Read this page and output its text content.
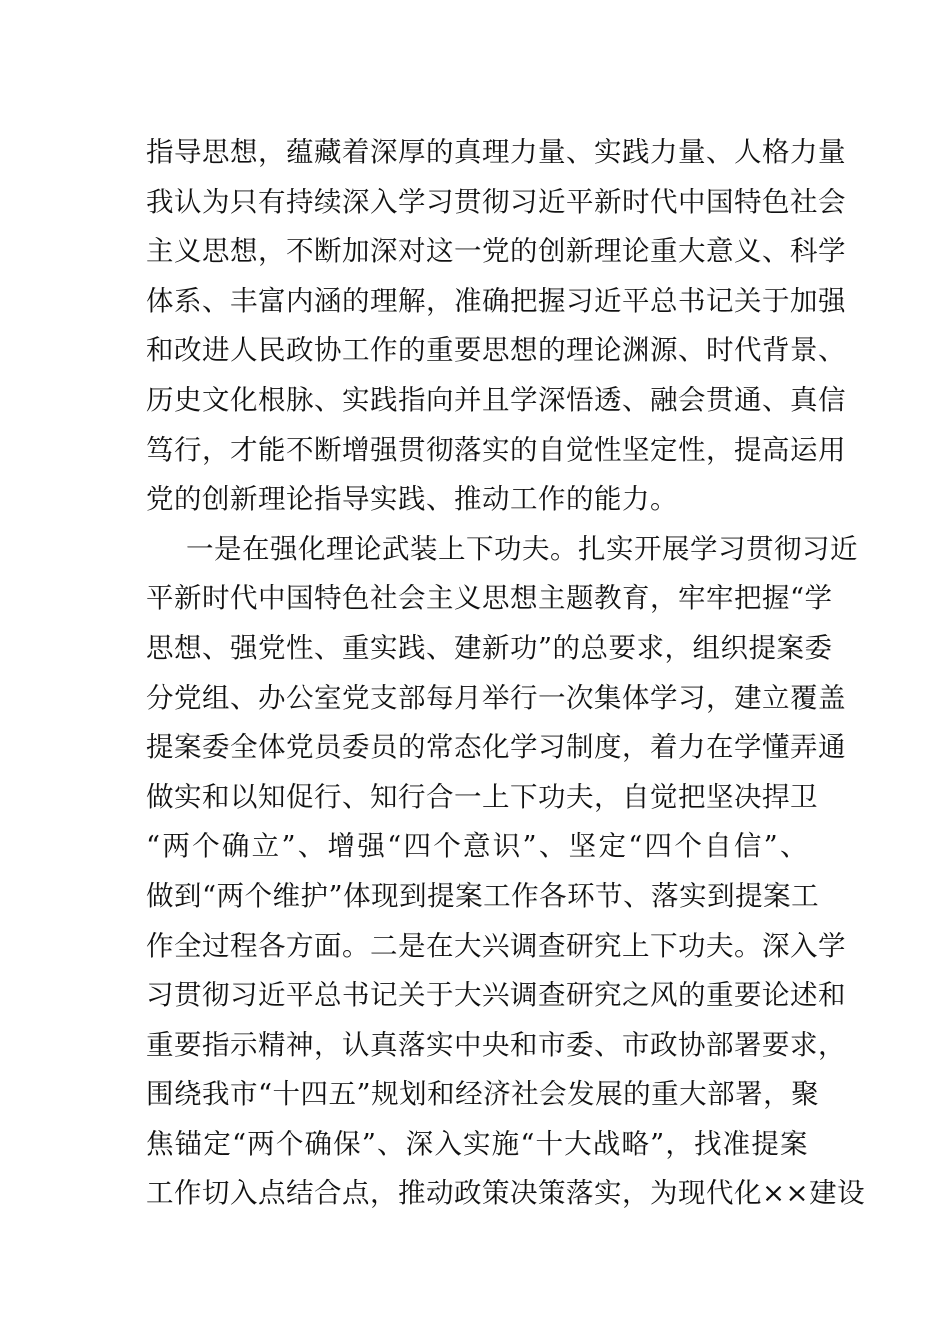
指导思想，蕴藏着深厚的真理力量、实践力量、人格力量
我认为只有持续深入学习贯彻习近平新时代中国特色社会
主义思想，不断加深对这一党的创新理论重大意义、科学
体系、丰富内涵的理解，准确把握习近平总书记关于加强
和改进人民政协工作的重要思想的理论渊源、时代背景、
历史文化根脉、实践指向并且学深悟透、融会贯通、真信
笃行，才能不断增强贯彻落实的自觉性坚定性，提高运用
党的创新理论指导实践、推动工作的能力。
一是在强化理论武装上下功夫。扎实开展学习贯彻习近
平新时代中国特色社会主义思想主题教育，牢牢把握“学
思想、强党性、重实践、建新功”的总要求，组织提案委
分党组、办公室党支部每月举行一次集体学习，建立覆盖
提案委全体党员委员的常态化学习制度，着力在学懂弄通
做实和以知促行、知行合一上下功夫，自觉把坚决捍卫
“两个确立”、增强“四个意识”、坚定“四个自信”、
做到“两个维护”体现到提案工作各环节、落实到提案工
作全过程各方面。二是在大兴调查研究上下功夫。深入学
习贯彻习近平总书记关于大兴调查研究之风的重要论述和
重要指示精神，认真落实中央和市委、市政协部署要求，
围绕我市“十四五”规划和经济社会发展的重大部署，聚
焦锚定“两个确保”、深入实施“十大战略”，找准提案
工作切入点结合点，推动政策决策落实，为现代化××建设
